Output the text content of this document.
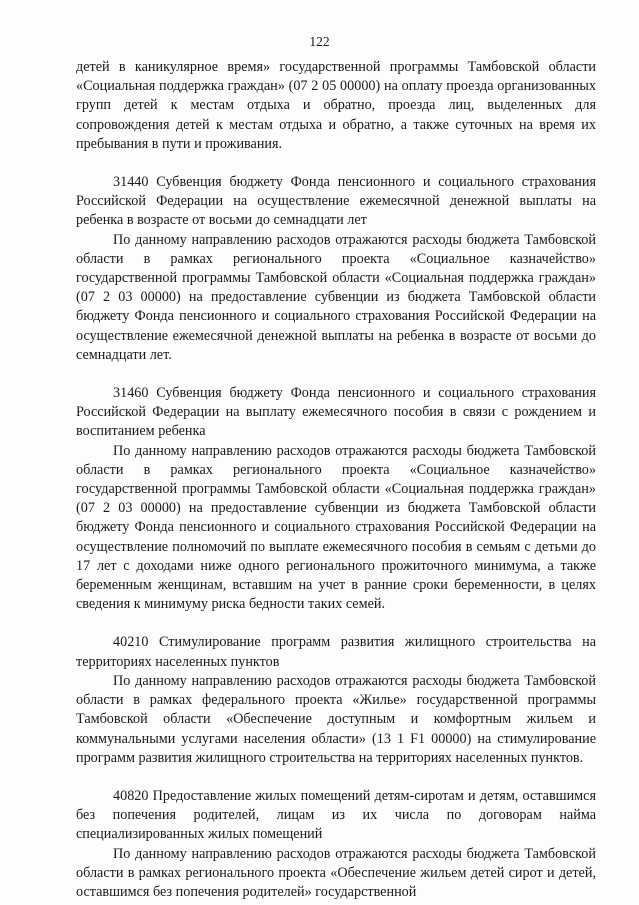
122
детей в каникулярное время» государственной программы Тамбовской области «Социальная поддержка граждан» (07 2 05 00000) на оплату проезда организованных групп детей к местам отдыха и обратно, проезда лиц, выделенных для сопровождения детей к местам отдыха и обратно, а также суточных на время их пребывания в пути и проживания.
31440 Субвенция бюджету Фонда пенсионного и социального страхования Российской Федерации на осуществление ежемесячной денежной выплаты на ребенка в возрасте от восьми до семнадцати лет
По данному направлению расходов отражаются расходы бюджета Тамбовской области в рамках регионального проекта «Социальное казначейство» государственной программы Тамбовской области «Социальная поддержка граждан» (07 2 03 00000) на предоставление субвенции из бюджета Тамбовской области бюджету Фонда пенсионного и социального страхования Российской Федерации на осуществление ежемесячной денежной выплаты на ребенка в возрасте от восьми до семнадцати лет.
31460 Субвенция бюджету Фонда пенсионного и социального страхования Российской Федерации на выплату ежемесячного пособия в связи с рождением и воспитанием ребенка
По данному направлению расходов отражаются расходы бюджета Тамбовской области в рамках регионального проекта «Социальное казначейство» государственной программы Тамбовской области «Социальная поддержка граждан» (07 2 03 00000) на предоставление субвенции из бюджета Тамбовской области бюджету Фонда пенсионного и социального страхования Российской Федерации на осуществление полномочий по выплате ежемесячного пособия в семьям с детьми до 17 лет с доходами ниже одного регионального прожиточного минимума, а также беременным женщинам, вставшим на учет в ранние сроки беременности, в целях сведения к минимуму риска бедности таких семей.
40210 Стимулирование программ развития жилищного строительства на территориях населенных пунктов
По данному направлению расходов отражаются расходы бюджета Тамбовской области в рамках федерального проекта «Жилье» государственной программы Тамбовской области «Обеспечение доступным и комфортным жильем и коммунальными услугами населения области» (13 1 F1 00000) на стимулирование программ развития жилищного строительства на территориях населенных пунктов.
40820 Предоставление жилых помещений детям-сиротам и детям, оставшимся без попечения родителей, лицам из их числа по договорам найма специализированных жилых помещений
По данному направлению расходов отражаются расходы бюджета Тамбовской области в рамках регионального проекта «Обеспечение жильем детей сирот и детей, оставшимся без попечения родителей» государственной
